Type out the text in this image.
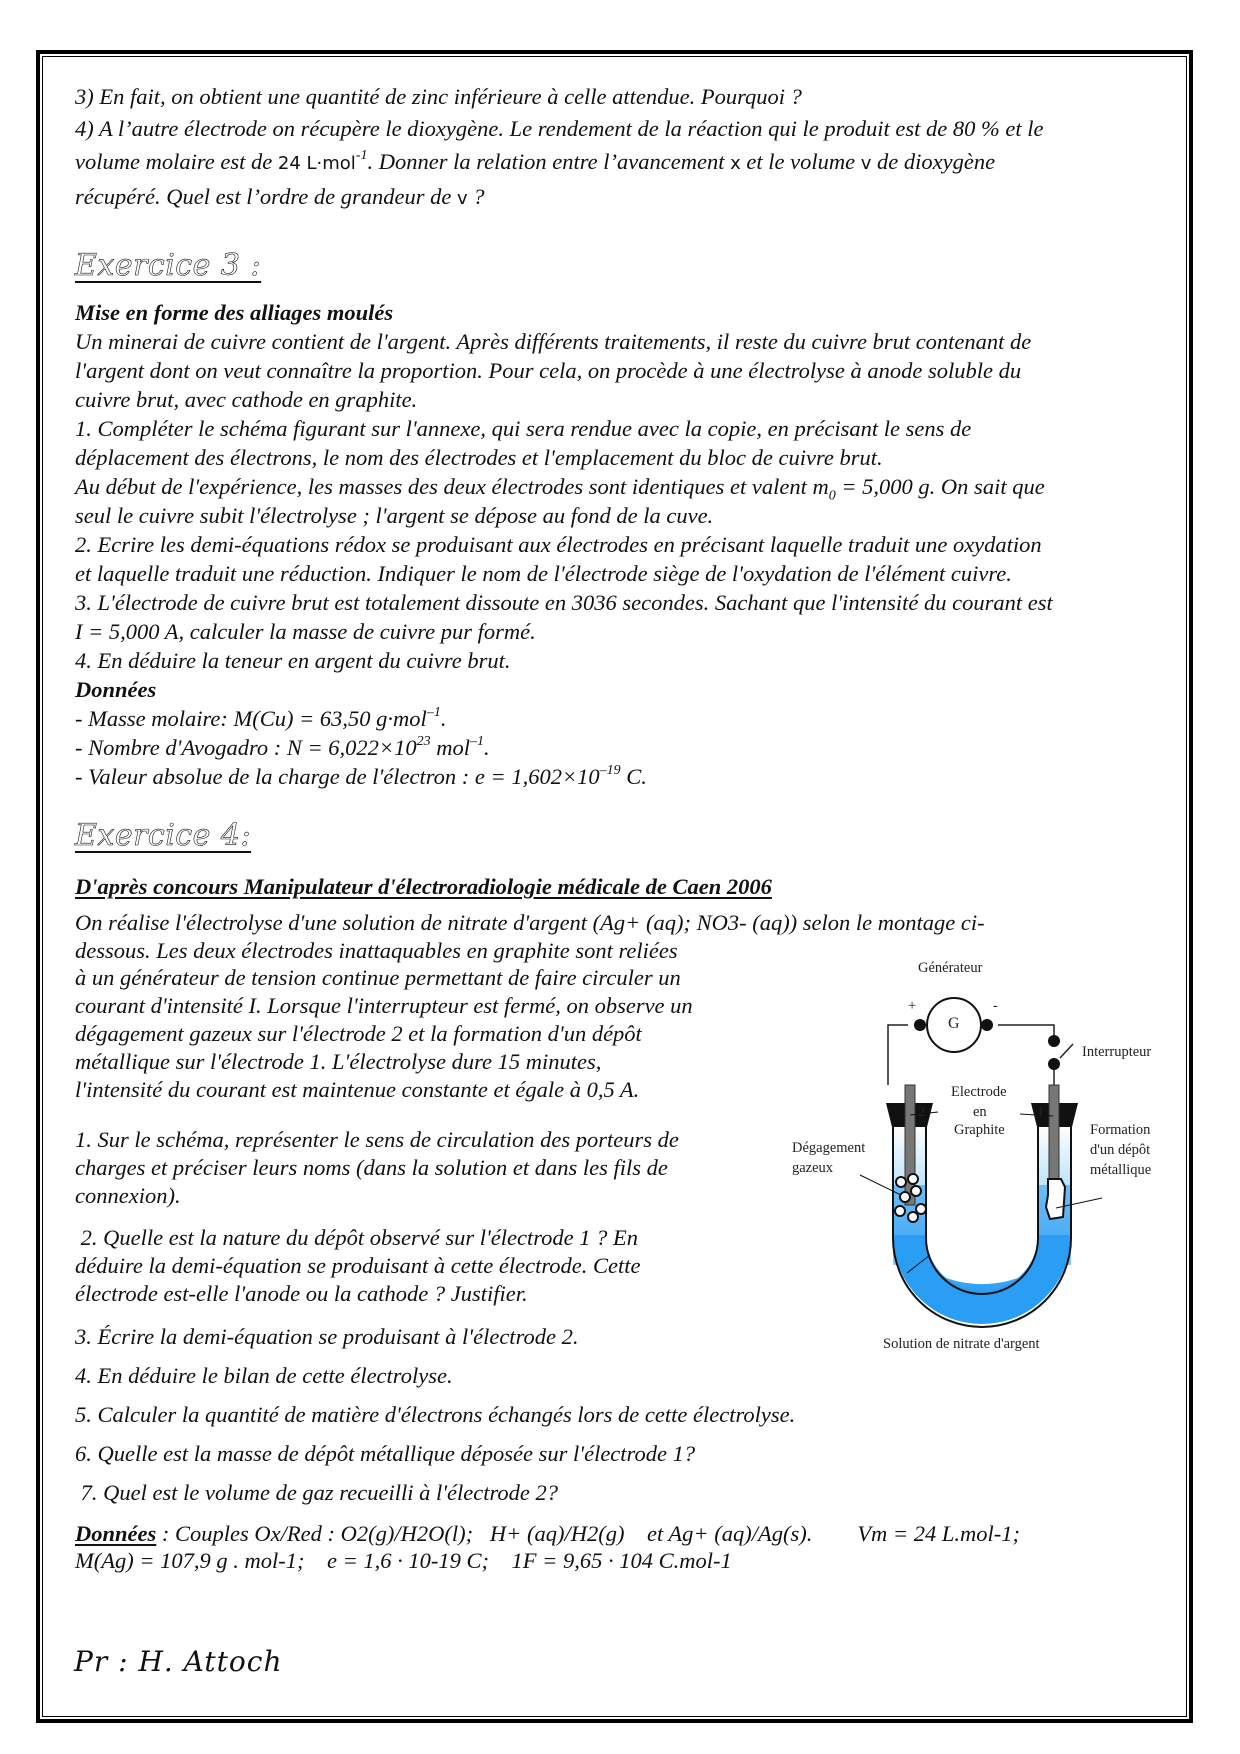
3) En fait, on obtient une quantité de zinc inférieure à celle attendue. Pourquoi ?

4) A l’autre électrode on récupère le dioxygène. Le rendement de la réaction qui le produit est de 80 % et le

volume molaire est de 24 L·mol$^{-1}$. Donner la relation entre l’avancement x et le volume v de dioxygène

récupéré. Quel est l’ordre de grandeur de v ?

Exercice 3 :

Mise en forme des alliages moulés

Un minerai de cuivre contient de l'argent. Après différents traitements, il reste du cuivre brut contenant de

l'argent dont on veut connaître la proportion. Pour cela, on procède à une électrolyse à anode soluble du

cuivre brut, avec cathode en graphite.

1. Compléter le schéma figurant sur l'annexe, qui sera rendue avec la copie, en précisant le sens de

déplacement des électrons, le nom des électrodes et l'emplacement du bloc de cuivre brut.

Au début de l'expérience, les masses des deux électrodes sont identiques et valent $m_0 = 5,000$ g. On sait que

seul le cuivre subit l'électrolyse ; l'argent se dépose au fond de la cuve.

2. Ecrire les demi-équations rédox se produisant aux électrodes en précisant laquelle traduit une oxydation

et laquelle traduit une réduction. Indiquer le nom de l'électrode siège de l'oxydation de l'élément cuivre.

3. L'électrode de cuivre brut est totalement dissoute en 3036 secondes. Sachant que l'intensité du courant est

I = 5,000 A, calculer la masse de cuivre pur formé.

4. En déduire la teneur en argent du cuivre brut.

Données

- Masse molaire: M(Cu) = 63,50 g·mol$^{-1}$.

- Nombre d'Avogadro : $N = 6,022\times 10^{23}$ mol$^{-1}$.

- Valeur absolue de la charge de l'électron : $e = 1,602\times 10^{-19}$ C.

Exercice 4:

D'après concours Manipulateur d'électroradiologie médicale de Caen 2006

On réalise l'électrolyse d'une solution de nitrate d'argent (Ag+ (aq); NO3- (aq)) selon le montage ci-

dessous. Les deux électrodes inattaquables en graphite sont reliées

à un générateur de tension continue permettant de faire circuler un

courant d'intensité I. Lorsque l'interrupteur est fermé, on observe un

dégagement gazeux sur l'électrode 2 et la formation d'un dépôt

métallique sur l'électrode 1. L'électrolyse dure 15 minutes,

l'intensité du courant est maintenue constante et égale à 0,5 A.

1. Sur le schéma, représenter le sens de circulation des porteurs de

charges et préciser leurs noms (dans la solution et dans les fils de

connexion).

2. Quelle est la nature du dépôt observé sur l'électrode 1 ? En

déduire la demi-équation se produisant à cette électrode. Cette

électrode est-elle l'anode ou la cathode ? Justifier.

3. Écrire la demi-équation se produisant à l'électrode 2.

4. En déduire le bilan de cette électrolyse.

5. Calculer la quantité de matière d'électrons échangés lors de cette électrolyse.

6. Quelle est la masse de dépôt métallique déposée sur l'électrode 1?

7. Quel est le volume de gaz recueilli à l'électrode 2?

Données : Couples Ox/Red : O2(g)/H2O(l);   H+ (aq)/H2(g)    et Ag+ (aq)/Ag(s).        Vm = 24 L.mol-1;

M(Ag) = 107,9 g . mol-1;    e = 1,6 · 10-19 C;    1F = 9,65 · 104 C.mol-1

Générateur
G
+	-
Interrupteur
Electrode
en
Graphite
2	1
Dégagement
gazeux
Formation
d'un dépôt
métallique
Solution de nitrate d'argent
Pr : H. Attoch
